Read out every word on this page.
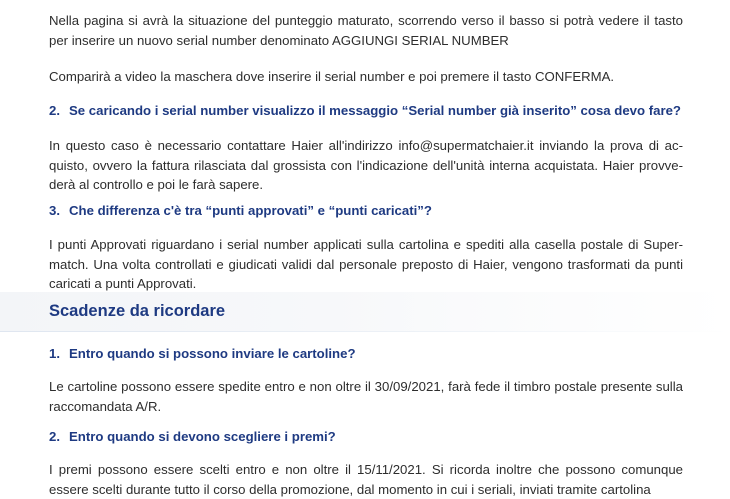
Nella pagina si avrà la situazione del punteggio maturato, scorrendo verso il basso si potrà vedere il tasto per inserire un nuovo serial number denominato AGGIUNGI SERIAL NUMBER

Comparirà a video la maschera dove inserire il serial number e poi premere il tasto CONFERMA.

2. Se caricando i serial number visualizzo il messaggio “Serial number già inserito” cosa devo fare?

In questo caso è necessario contattare Haier all'indirizzo info@supermatchaier.it inviando la prova di ac-quisto, ovvero la fattura rilasciata dal grossista con l'indicazione dell'unità interna acquistata. Haier provve-derà al controllo e poi le farà sapere.

3. Che differenza c'è tra “punti approvati” e “punti caricati”?

I punti Approvati riguardano i serial number applicati sulla cartolina e spediti alla casella postale di Super-match. Una volta controllati e giudicati validi dal personale preposto di Haier, vengono trasformati da punti caricati a punti Approvati.

Scadenze da ricordare
1. Entro quando si possono inviare le cartoline?

Le cartoline possono essere spedite entro e non oltre il 30/09/2021, farà fede il timbro postale presente sulla raccomandata A/R.

2. Entro quando si devono scegliere i premi?

I premi possono essere scelti entro e non oltre il 15/11/2021. Si ricorda inoltre che possono comunque essere scelti durante tutto il corso della promozione, dal momento in cui i seriali, inviati tramite cartolina
